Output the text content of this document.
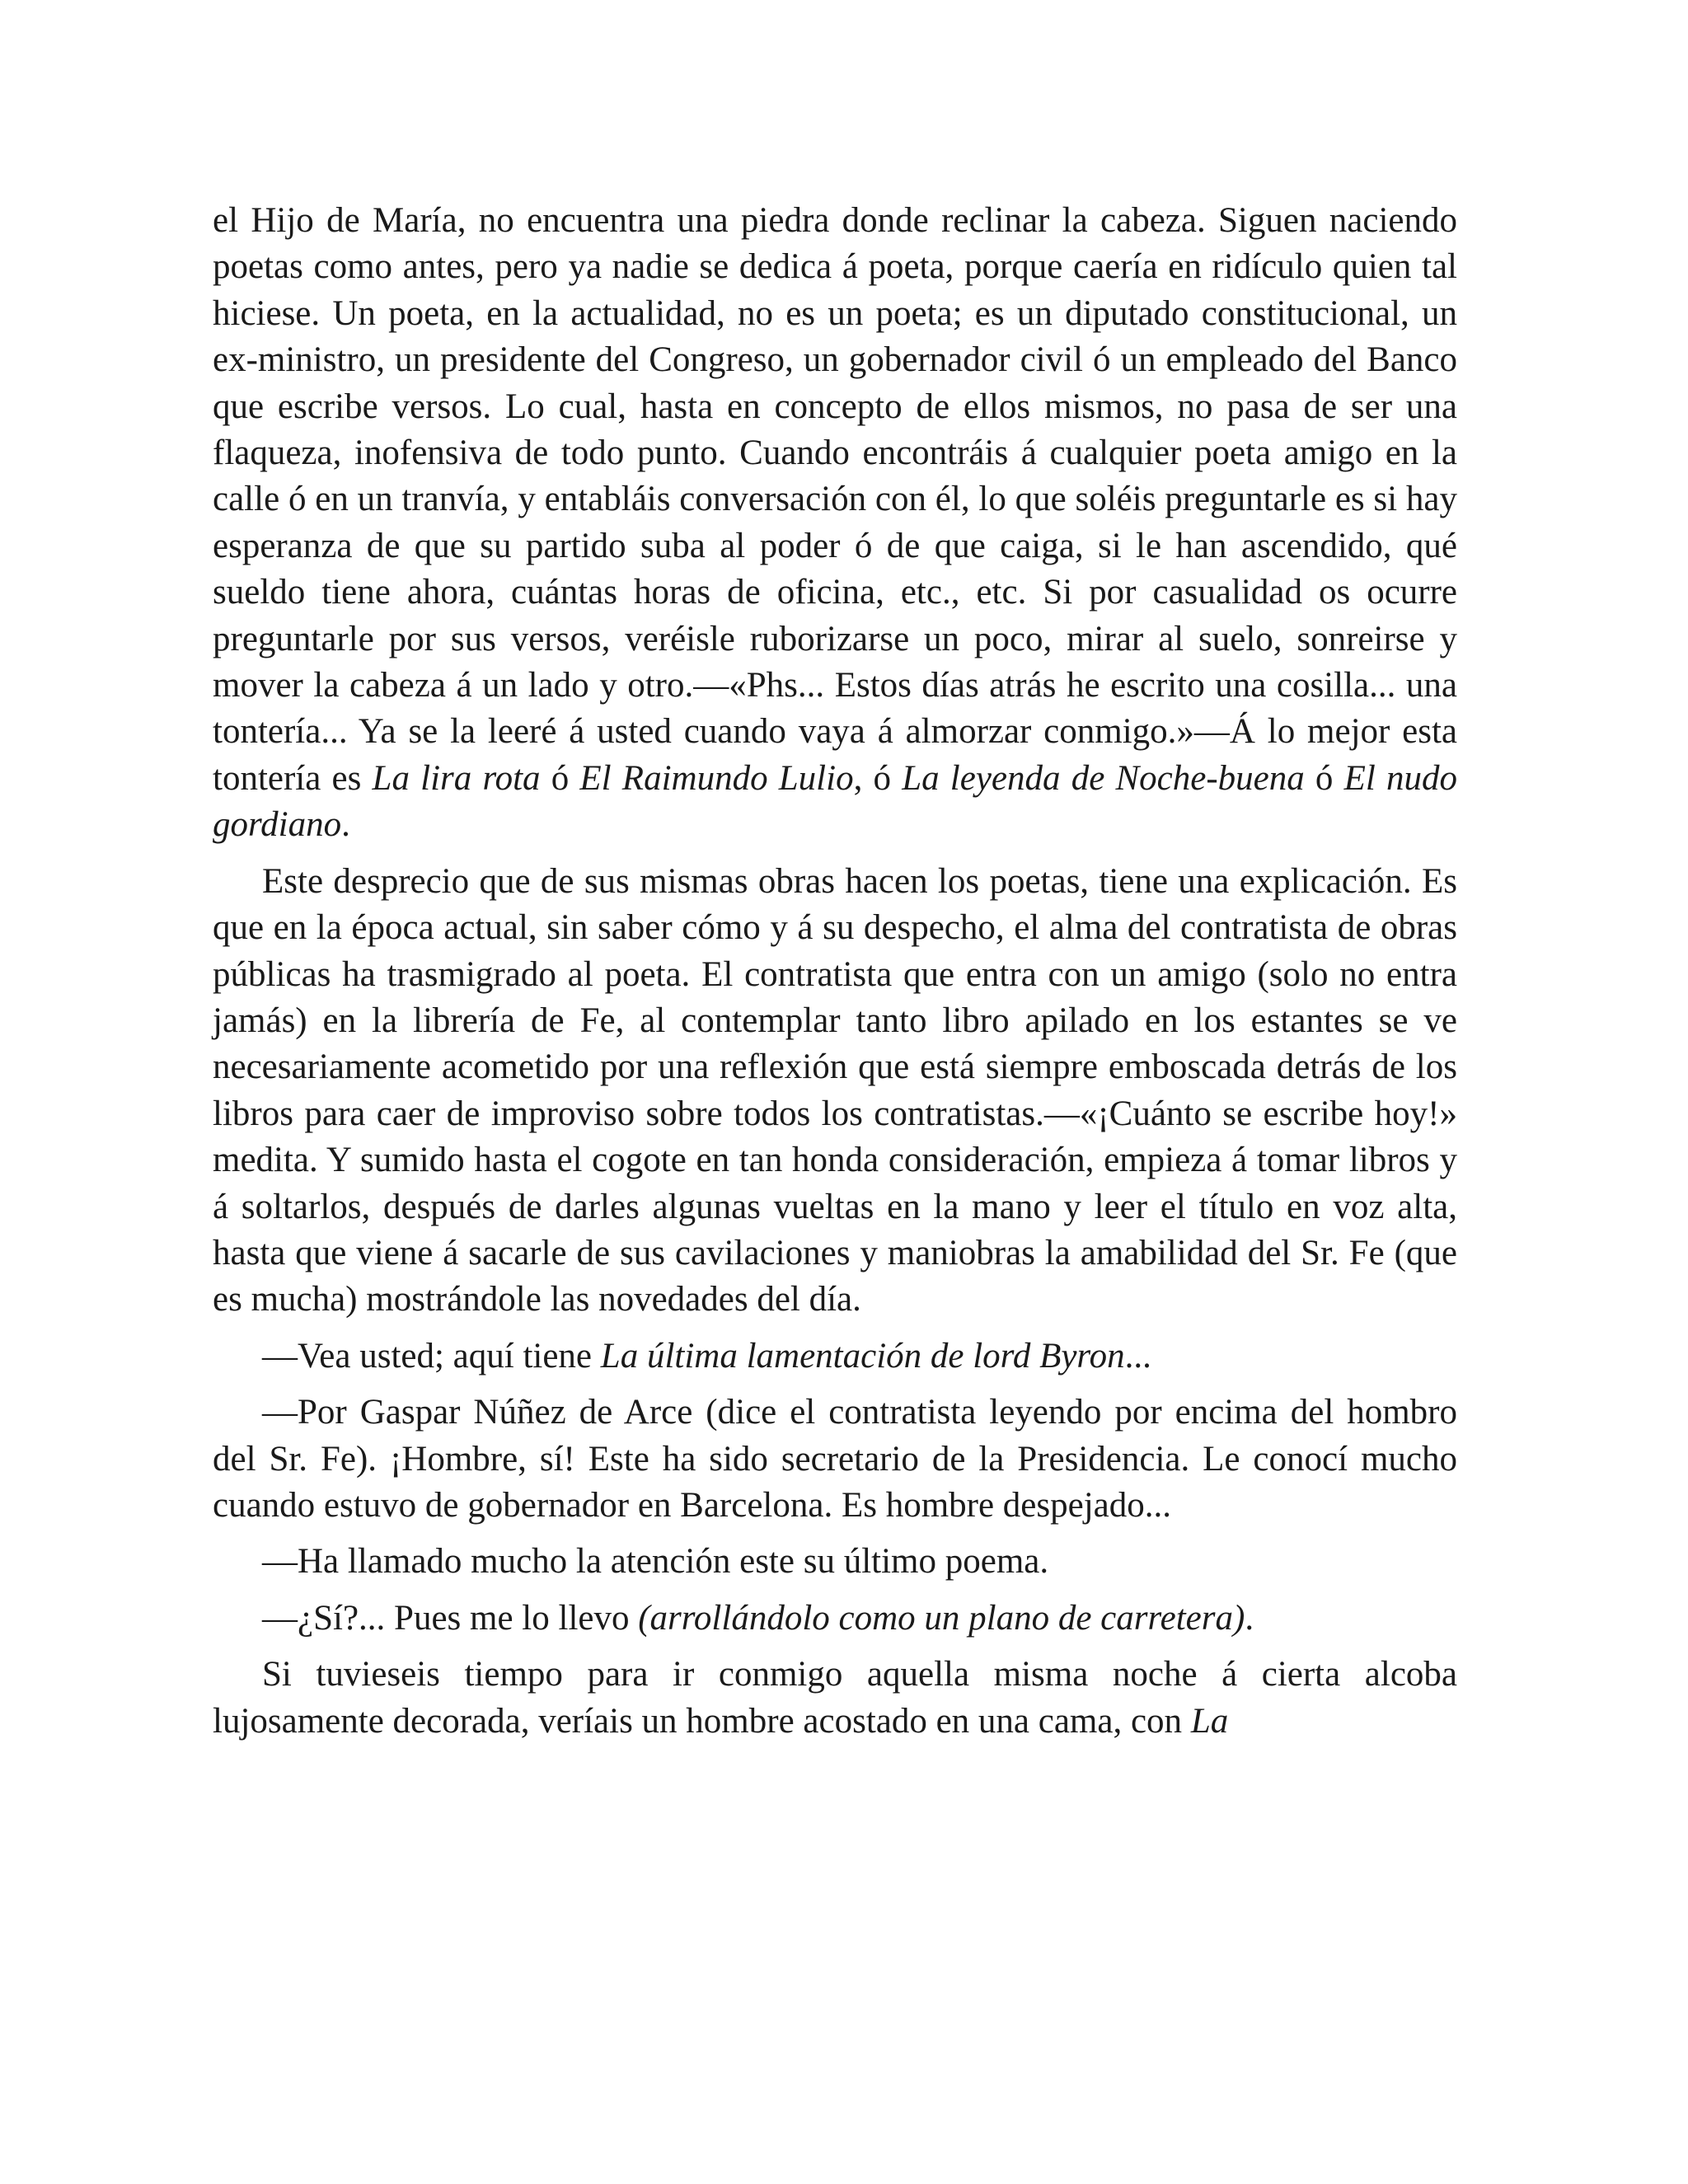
el Hijo de María, no encuentra una piedra donde reclinar la cabeza. Siguen naciendo poetas como antes, pero ya nadie se dedica á poeta, porque caería en ridículo quien tal hiciese. Un poeta, en la actualidad, no es un poeta; es un diputado constitucional, un ex-ministro, un presidente del Congreso, un gobernador civil ó un empleado del Banco que escribe versos. Lo cual, hasta en concepto de ellos mismos, no pasa de ser una flaqueza, inofensiva de todo punto. Cuando encontráis á cualquier poeta amigo en la calle ó en un tranvía, y entabláis conversación con él, lo que soléis preguntarle es si hay esperanza de que su partido suba al poder ó de que caiga, si le han ascendido, qué sueldo tiene ahora, cuántas horas de oficina, etc., etc. Si por casualidad os ocurre preguntarle por sus versos, veréisle ruborizarse un poco, mirar al suelo, sonreirse y mover la cabeza á un lado y otro.—«Phs... Estos días atrás he escrito una cosilla... una tontería... Ya se la leeré á usted cuando vaya á almorzar conmigo.»—Á lo mejor esta tontería es La lira rota ó El Raimundo Lulio, ó La leyenda de Noche-buena ó El nudo gordiano.

Este desprecio que de sus mismas obras hacen los poetas, tiene una explicación. Es que en la época actual, sin saber cómo y á su despecho, el alma del contratista de obras públicas ha trasmigrado al poeta. El contratista que entra con un amigo (solo no entra jamás) en la librería de Fe, al contemplar tanto libro apilado en los estantes se ve necesariamente acometido por una reflexión que está siempre emboscada detrás de los libros para caer de improviso sobre todos los contratistas.—«¡Cuánto se escribe hoy!» medita. Y sumido hasta el cogote en tan honda consideración, empieza á tomar libros y á soltarlos, después de darles algunas vueltas en la mano y leer el título en voz alta, hasta que viene á sacarle de sus cavilaciones y maniobras la amabilidad del Sr. Fe (que es mucha) mostrándole las novedades del día.

—Vea usted; aquí tiene La última lamentación de lord Byron...

—Por Gaspar Núñez de Arce (dice el contratista leyendo por encima del hombro del Sr. Fe). ¡Hombre, sí! Este ha sido secretario de la Presidencia. Le conocí mucho cuando estuvo de gobernador en Barcelona. Es hombre despejado...

—Ha llamado mucho la atención este su último poema.

—¿Sí?... Pues me lo llevo (arrollándolo como un plano de carretera).

Si tuvieseis tiempo para ir conmigo aquella misma noche á cierta alcoba lujosamente decorada, veríais un hombre acostado en una cama, con La
